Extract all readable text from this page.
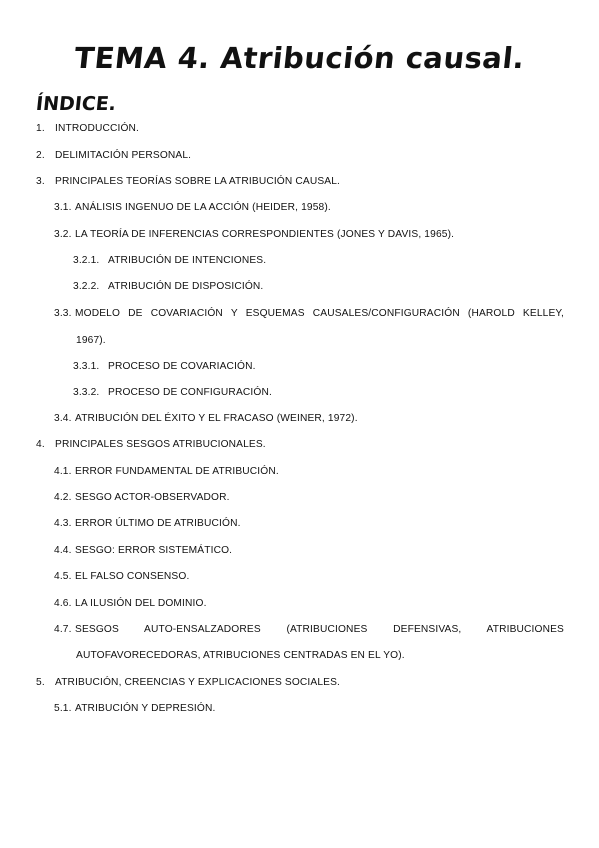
TEMA 4. Atribución causal.
ÍNDICE.
1. INTRODUCCIÓN.
2. DELIMITACIÓN PERSONAL.
3. PRINCIPALES TEORÍAS SOBRE LA ATRIBUCIÓN CAUSAL.
3.1. ANÁLISIS INGENUO DE LA ACCIÓN (HEIDER, 1958).
3.2. LA TEORÍA DE INFERENCIAS CORRESPONDIENTES (JONES Y DAVIS, 1965).
3.2.1. ATRIBUCIÓN DE INTENCIONES.
3.2.2. ATRIBUCIÓN DE DISPOSICIÓN.
3.3. MODELO DE COVARIACIÓN Y ESQUEMAS CAUSALES/CONFIGURACIÓN (HAROLD KELLEY,
1967).
3.3.1. PROCESO DE COVARIACIÓN.
3.3.2. PROCESO DE CONFIGURACIÓN.
3.4. ATRIBUCIÓN DEL ÉXITO Y EL FRACASO (WEINER, 1972).
4. PRINCIPALES SESGOS ATRIBUCIONALES.
4.1. ERROR FUNDAMENTAL DE ATRIBUCIÓN.
4.2. SESGO ACTOR-OBSERVADOR.
4.3. ERROR ÚLTIMO DE ATRIBUCIÓN.
4.4. SESGO: ERROR SISTEMÁTICO.
4.5. EL FALSO CONSENSO.
4.6. LA ILUSIÓN DEL DOMINIO.
4.7. SESGOS AUTO-ENSALZADORES (ATRIBUCIONES DEFENSIVAS, ATRIBUCIONES
AUTOFAVORECEDORAS, ATRIBUCIONES CENTRADAS EN EL YO).
5. ATRIBUCIÓN, CREENCIAS Y EXPLICACIONES SOCIALES.
5.1. ATRIBUCIÓN Y DEPRESIÓN.
